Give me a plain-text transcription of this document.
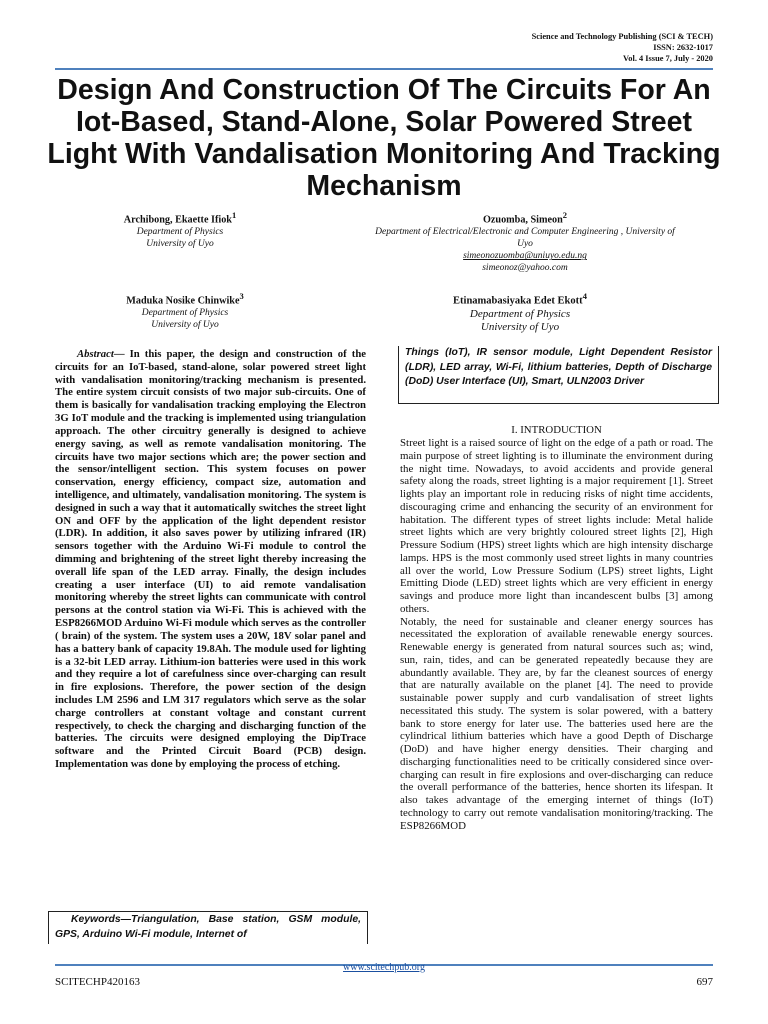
Science and Technology Publishing (SCI & TECH)
ISSN: 2632-1017
Vol. 4 Issue 7, July - 2020
Design And Construction Of The Circuits For An Iot-Based, Stand-Alone, Solar Powered Street Light With Vandalisation Monitoring And Tracking Mechanism
Archibong, Ekaette Ifiok$^1$
Department of Physics
University of Uyo
Ozuomba, Simeon$^2$
Department of Electrical/Electronic and Computer Engineering , University of
Uyo
simeonozuomba@uniuyo.edu.ng
simeonoz@yahoo.com
Maduka Nosike Chinwike$^3$
Department of Physics
University of Uyo
Etinamabasiyaka Edet Ekott$^4$
Department of Physics
University of Uyo
Abstract— In this paper, the design and construction of the circuits for an IoT-based, stand-alone, solar powered street light with vandalisation monitoring/tracking mechanism is presented. The entire system circuit consists of two major sub-circuits. One of them is basically for vandalisation tracking employing the Electron 3G IoT module and the tracking is implemented using triangulation approach. The other circuitry generally is designed to achieve energy saving, as well as remote vandalisation monitoring. The circuits have two major sections which are; the power section and the sensor/intelligent section. This system focuses on power conservation, energy efficiency, compact size, automation and intelligence, and ultimately, vandalisation monitoring. The system is designed in such a way that it automatically switches the street light ON and OFF by the application of the light dependent resistor (LDR). In addition, it also saves power by utilizing infrared (IR) sensors together with the Arduino Wi-Fi module to control the dimming and brightening of the street light thereby increasing the overall life span of the LED array. Finally, the design includes creating a user interface (UI) to aid remote vandalisation monitoring whereby the street lights can communicate with control persons at the control station via Wi-Fi. This is achieved with the ESP8266MOD Arduino Wi-Fi module which serves as the controller ( brain) of the system. The system uses a 20W, 18V solar panel and has a battery bank of capacity 19.8Ah. The module used for lighting is a 32-bit LED array. Lithium-ion batteries were used in this work and they require a lot of carefulness since over-charging can result in fire explosions. Therefore, the power section of the design includes LM 2596 and LM 317 regulators which serve as the solar charge controllers at constant voltage and constant current respectively, to check the charging and discharging function of the batteries. The circuits were designed employing the DipTrace software and the Printed Circuit Board (PCB) design. Implementation was done by employing the process of etching.
Keywords—Triangulation, Base station, GSM module, GPS, Arduino Wi-Fi module, Internet of
Things (IoT), IR sensor module, Light Dependent Resistor (LDR), LED array, Wi-Fi, lithium batteries, Depth of Discharge (DoD) User Interface (UI), Smart, ULN2003 Driver
I. INTRODUCTION

Street light is a raised source of light on the edge of a path or road. The main purpose of street lighting is to illuminate the environment during the night time. Nowadays, to avoid accidents and provide general safety along the roads, street lighting is a major requirement [1]. Street lights play an important role in reducing risks of night time accidents, discouraging crime and enhancing the security of an environment for habitation. The different types of street lights include: Metal halide street lights which are very brightly coloured street lights [2], High Pressure Sodium (HPS) street lights which are high intensity discharge lamps. HPS is the most commonly used street lights in many countries all over the world, Low Pressure Sodium (LPS) street lights, Light Emitting Diode (LED) street lights which are very efficient in energy savings and produce more light than incandescent bulbs [3] among others.

Notably, the need for sustainable and cleaner energy sources has necessitated the exploration of available renewable energy sources. Renewable energy is generated from natural sources such as; wind, sun, rain, tides, and can be generated repeatedly because they are abundantly available. They are, by far the cleanest sources of energy that are naturally available on the planet [4]. The need to provide sustainable power supply and curb vandalisation of street lights necessitated this study. The system is solar powered, with a battery bank to store energy for later use. The batteries used here are the cylindrical lithium batteries which have a good Depth of Discharge (DoD) and have higher energy densities. Their charging and discharging functionalities need to be critically considered since over-charging can result in fire explosions and over-discharging can reduce the overall performance of the batteries, hence shorten its lifespan. It also takes advantage of the emerging internet of things (IoT) technology to carry out remote vandalisation monitoring/tracking. The ESP8266MOD

www.scitechpub.org
SCITECHP420163	697
